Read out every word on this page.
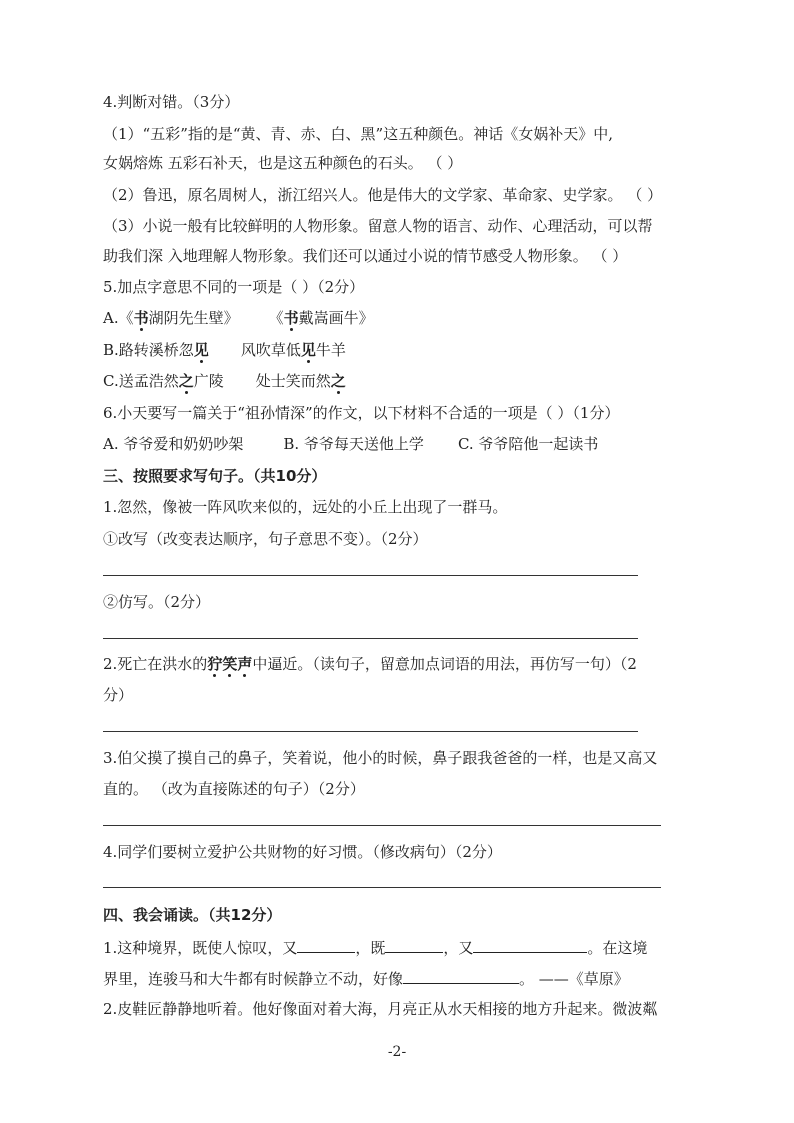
4.判断对错。（3分）
（1）“五彩”指的是“黄、青、赤、白、黑”这五种颜色。神话《女娲补天》中,
女娲熔炼 五彩石补天，也是这五种颜色的石头。 （ ）
（2）鲁迅，原名周树人，浙江绍兴人。他是伟大的文学家、革命家、史学家。 （ ）
（3）小说一般有比较鲜明的人物形象。留意人物的语言、动作、心理活动，可以帮
助我们深 入地理解人物形象。我们还可以通过小说的情节感受人物形象。 （ ）
5.加点字意思不同的一项是（ ）（2分）
A.《书湖阴先生壁》 《书戴嵩画牛》
B.路转溪桥忽见 风吹草低见牛羊
C.送孟浩然之广陵 处士笑而然之
6.小天要写一篇关于“祖孙情深”的作文，以下材料不合适的一项是（ ）（1分）
A. 爷爷爱和奶奶吵架	B. 爷爷每天送他上学 C. 爷爷陪他一起读书
三、按照要求写句子。（共10分）
1.忽然，像被一阵风吹来似的，远处的小丘上出现了一群马。
①改写（改变表达顺序，句子意思不变）。（2分）
②仿写。（2分）
2.死亡在洪水的狞笑声中逼近。（读句子，留意加点词语的用法，再仿写一句）（2
分）
3.伯父摸了摸自己的鼻子，笑着说，他小的时候，鼻子跟我爸爸的一样，也是又高又
直的。 （改为直接陈述的句子）（2分）
4.同学们要树立爱护公共财物的好习惯。（修改病句）（2分）
四、我会诵读。（共12分）
1.这种境界，既使人惊叹，又	，既	，又	。在这境
界里，连骏马和大牛都有时候静立不动，好像	。 ——《草原》
2.皮鞋匠静静地听着。他好像面对着大海，月亮正从水天相接的地方升起来。微波粼
-2-
